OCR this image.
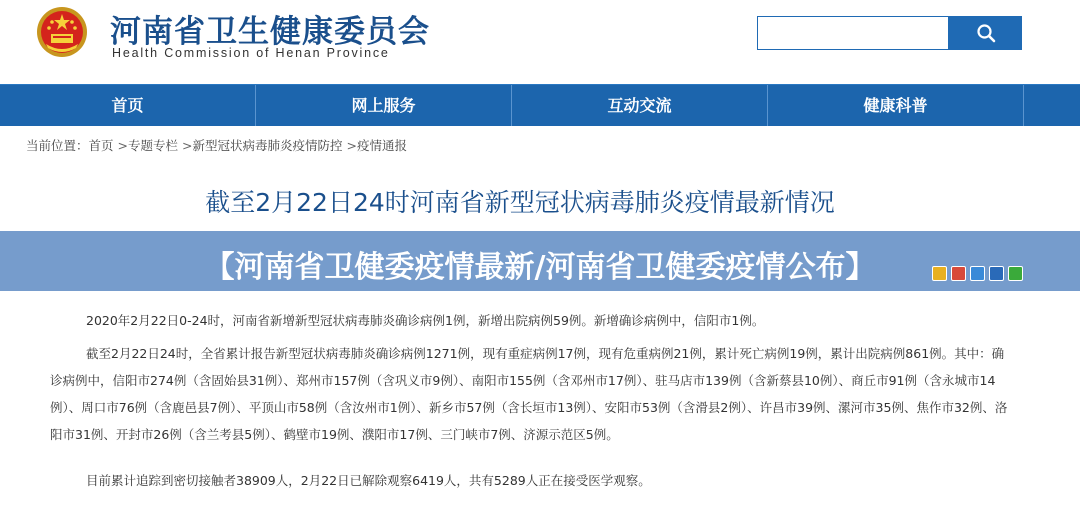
河南省卫生健康委员会
Health Commission of Henan Province
首页	网上服务	互动交流	健康科普
当前位置：首页 >专题专栏 >新型冠状病毒肺炎疫情防控 >疫情通报
截至2月22日24时河南省新型冠状病毒肺炎疫情最新情况
【河南省卫健委疫情最新/河南省卫健委疫情公布】
2020年2月22日0-24时，河南省新增新型冠状病毒肺炎确诊病例1例，新增出院病例59例。新增确诊病例中，信阳市1例。
截至2月22日24时，全省累计报告新型冠状病毒肺炎确诊病例1271例，现有重症病例17例，现有危重病例21例，累计死亡病例19例，累计出院病例861例。其中：确诊病例中，信阳市274例（含固始县31例）、郑州市157例（含巩义市9例）、南阳市155例（含邓州市17例）、驻马店市139例（含新蔡县10例）、商丘市91例（含永城市14例）、周口市76例（含鹿邑县7例）、平顶山市58例（含汝州市1例）、新乡市57例（含长垣市13例）、安阳市53例（含滑县2例）、许昌市39例、漯河市35例、焦作市32例、洛阳市31例、开封市26例（含兰考县5例）、鹤壁市19例、濮阳市17例、三门峡市7例、济源示范区5例。
目前累计追踪到密切接触者38909人，2月22日已解除观察6419人，共有5289人正在接受医学观察。
